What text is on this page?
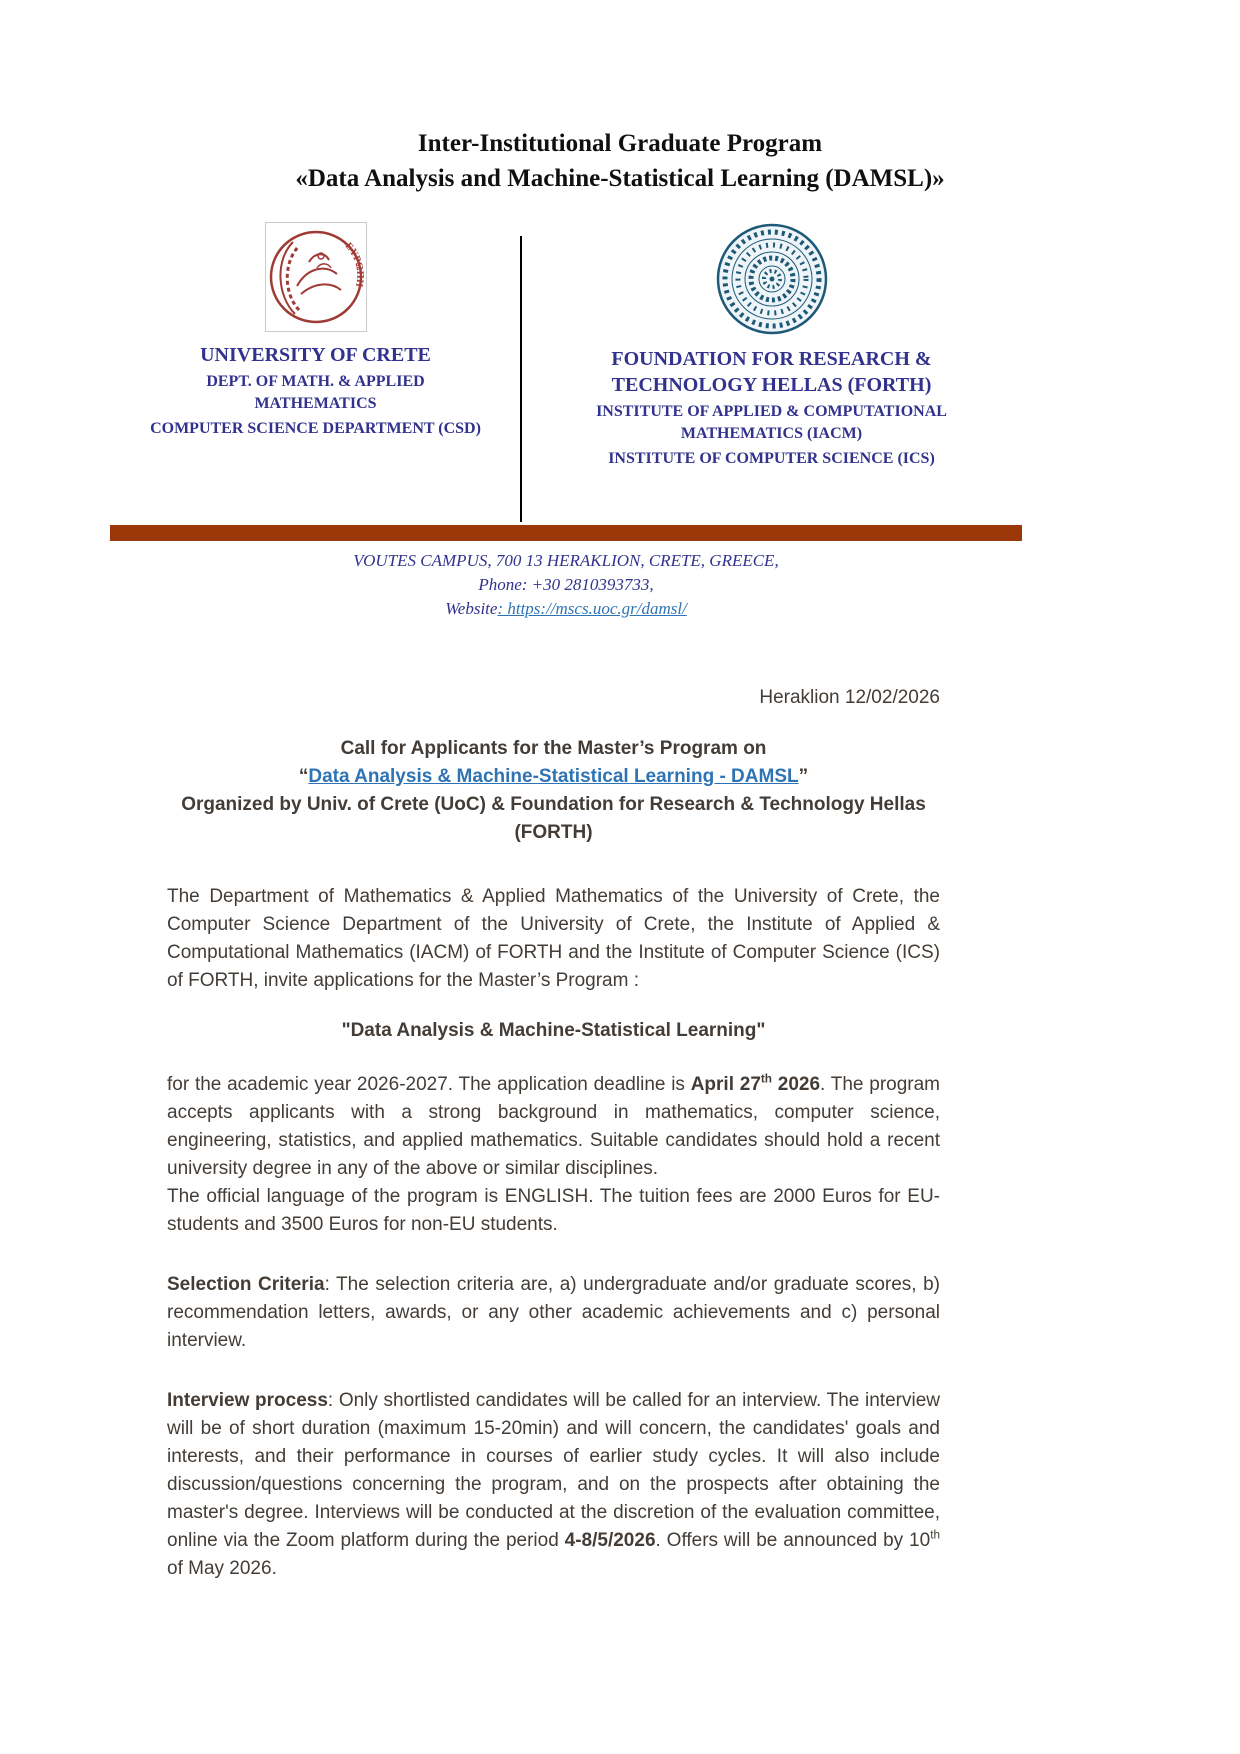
Inter-Institutional Graduate Program
«Data Analysis and Machine-Statistical Learning (DAMSL)»
ΕΥΡΩΠΗ
UNIVERSITY OF CRETE
DEPT. OF MATH. & APPLIED MATHEMATICS
COMPUTER SCIENCE DEPARTMENT (CSD)
FOUNDATION FOR RESEARCH & TECHNOLOGY HELLAS (FORTH)
INSTITUTE OF APPLIED & COMPUTATIONAL MATHEMATICS (IACM)
INSTITUTE OF COMPUTER SCIENCE (ICS)
VOUTES CAMPUS, 700 13 HERAKLION, CRETE, GREECE,
Phone: +30 2810393733,
Website: https://mscs.uoc.gr/damsl/
Heraklion 12/02/2026
Call for Applicants for the Master’s Program on
“Data Analysis & Machine-Statistical Learning - DAMSL”
Organized by Univ. of Crete (UoC) & Foundation for Research & Technology Hellas (FORTH)

The Department of Mathematics & Applied Mathematics of the University of Crete, the Computer Science Department of the University of Crete, the Institute of Applied & Computational Mathematics (IACM) of FORTH and the Institute of Computer Science (ICS) of FORTH, invite applications for the Master’s Program :

"Data Analysis & Machine-Statistical Learning"

for the academic year 2026-2027. The application deadline is April 27th 2026. The program accepts applicants with a strong background in mathematics, computer science, engineering, statistics, and applied mathematics. Suitable candidates should hold a recent university degree in any of the above or similar disciplines.

The official language of the program is ENGLISH. The tuition fees are 2000 Euros for EU-students and 3500 Euros for non-EU students.

Selection Criteria: The selection criteria are, a) undergraduate and/or graduate scores, b) recommendation letters, awards, or any other academic achievements and c) personal interview.

Interview process: Only shortlisted candidates will be called for an interview. The interview will be of short duration (maximum 15-20min) and will concern, the candidates' goals and interests, and their performance in courses of earlier study cycles. It will also include discussion/questions concerning the program, and on the prospects after obtaining the master's degree. Interviews will be conducted at the discretion of the evaluation committee, online via the Zoom platform during the period 4-8/5/2026. Offers will be announced by 10th of May 2026.
